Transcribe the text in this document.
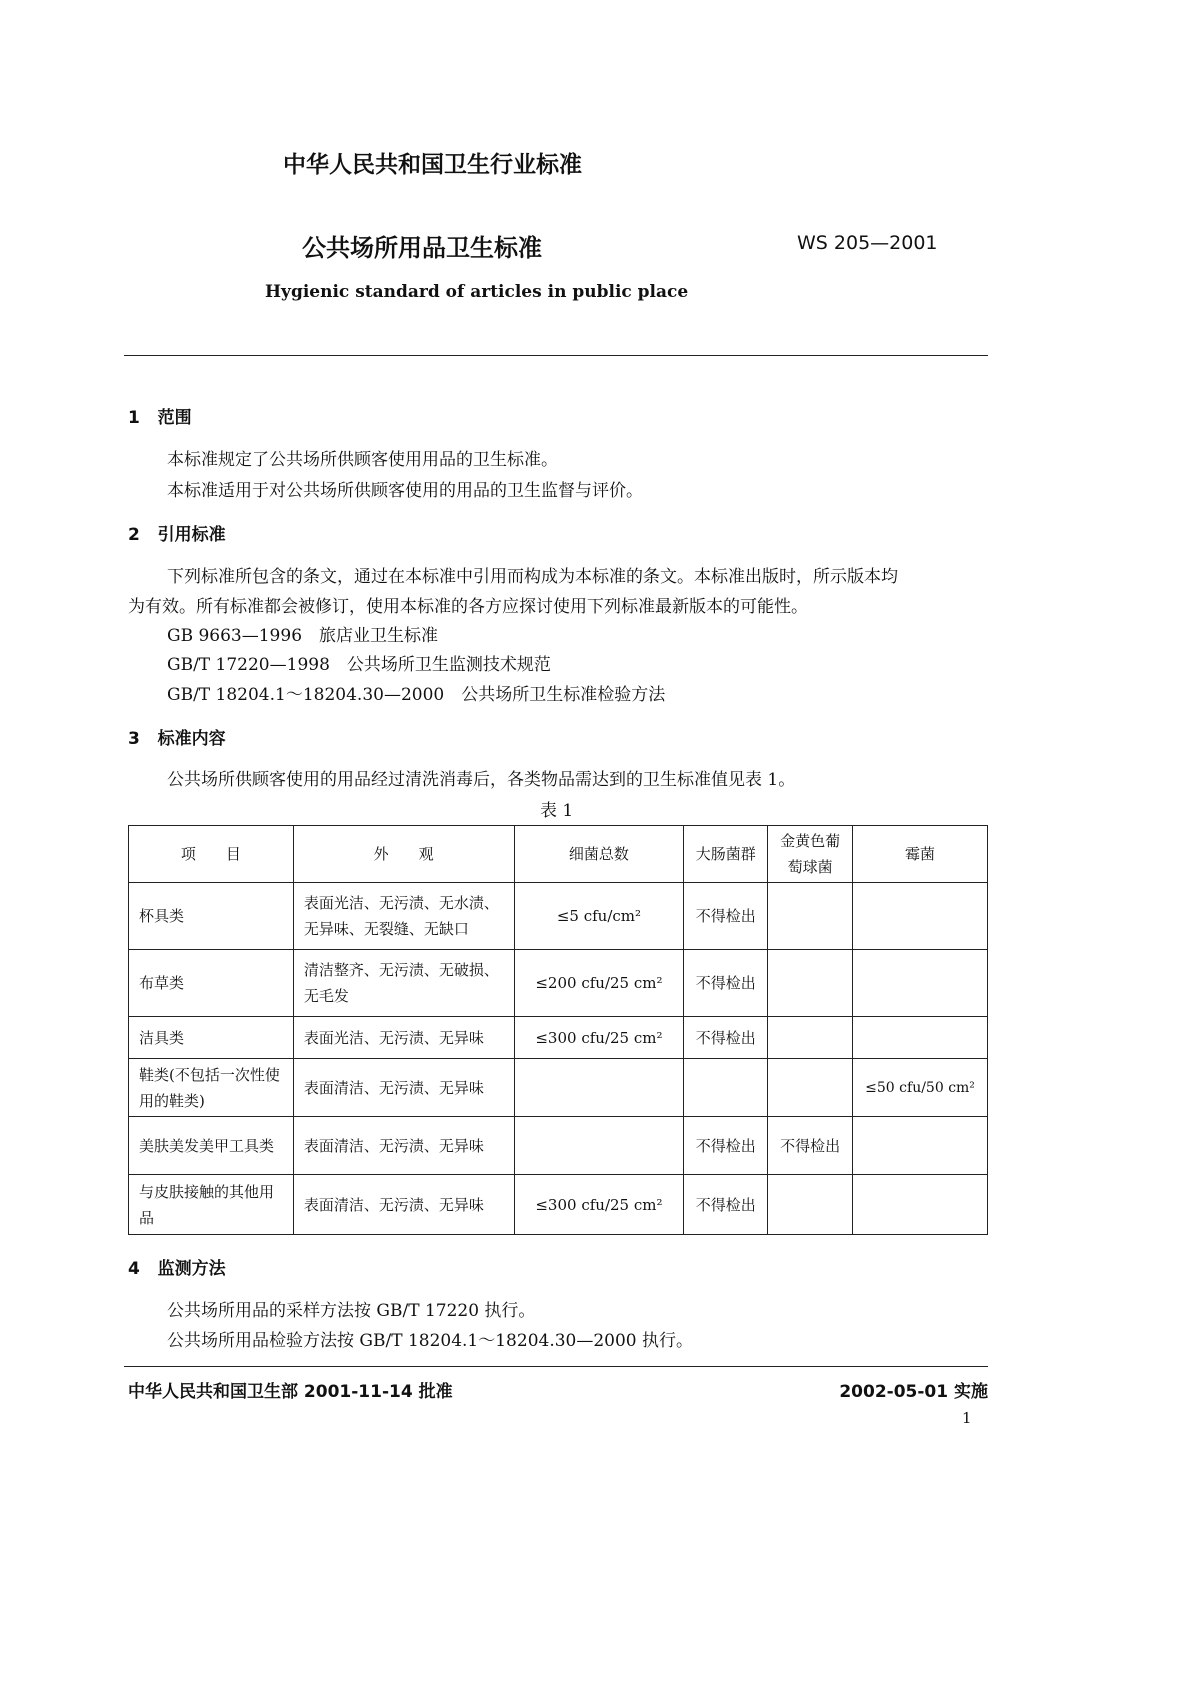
中华人民共和国卫生行业标准
公共场所用品卫生标准	WS 205—2001
Hygienic standard of articles in public place
1 范围
本标准规定了公共场所供顾客使用用品的卫生标准。
本标准适用于对公共场所供顾客使用的用品的卫生监督与评价。
2 引用标准
下列标准所包含的条文，通过在本标准中引用而构成为本标准的条文。本标准出版时，所示版本均
为有效。所有标准都会被修订，使用本标准的各方应探讨使用下列标准最新版本的可能性。
GB 9663—1996　旅店业卫生标准
GB/T 17220—1998　公共场所卫生监测技术规范
GB/T 18204.1～18204.30—2000　公共场所卫生标准检验方法
3 标准内容
公共场所供顾客使用的用品经过清洗消毒后，各类物品需达到的卫生标准值见表 1。
表 1
项　　目	外　　观	细菌总数	大肠菌群	金黄色葡萄球菌	霉菌
杯具类	表面光洁、无污渍、无水渍、无异味、无裂缝、无缺口	≤5 cfu/cm²	不得检出		
布草类	清洁整齐、无污渍、无破损、无毛发	≤200 cfu/25 cm²	不得检出		
洁具类	表面光洁、无污渍、无异味	≤300 cfu/25 cm²	不得检出		
鞋类(不包括一次性使用的鞋类)	表面清洁、无污渍、无异味				≤50 cfu/50 cm²
美肤美发美甲工具类	表面清洁、无污渍、无异味		不得检出	不得检出	
与皮肤接触的其他用品	表面清洁、无污渍、无异味	≤300 cfu/25 cm²	不得检出		
4 监测方法
公共场所用品的采样方法按 GB/T 17220 执行。
公共场所用品检验方法按 GB/T 18204.1～18204.30—2000 执行。
中华人民共和国卫生部 2001-11-14 批准	2002-05-01 实施
1
